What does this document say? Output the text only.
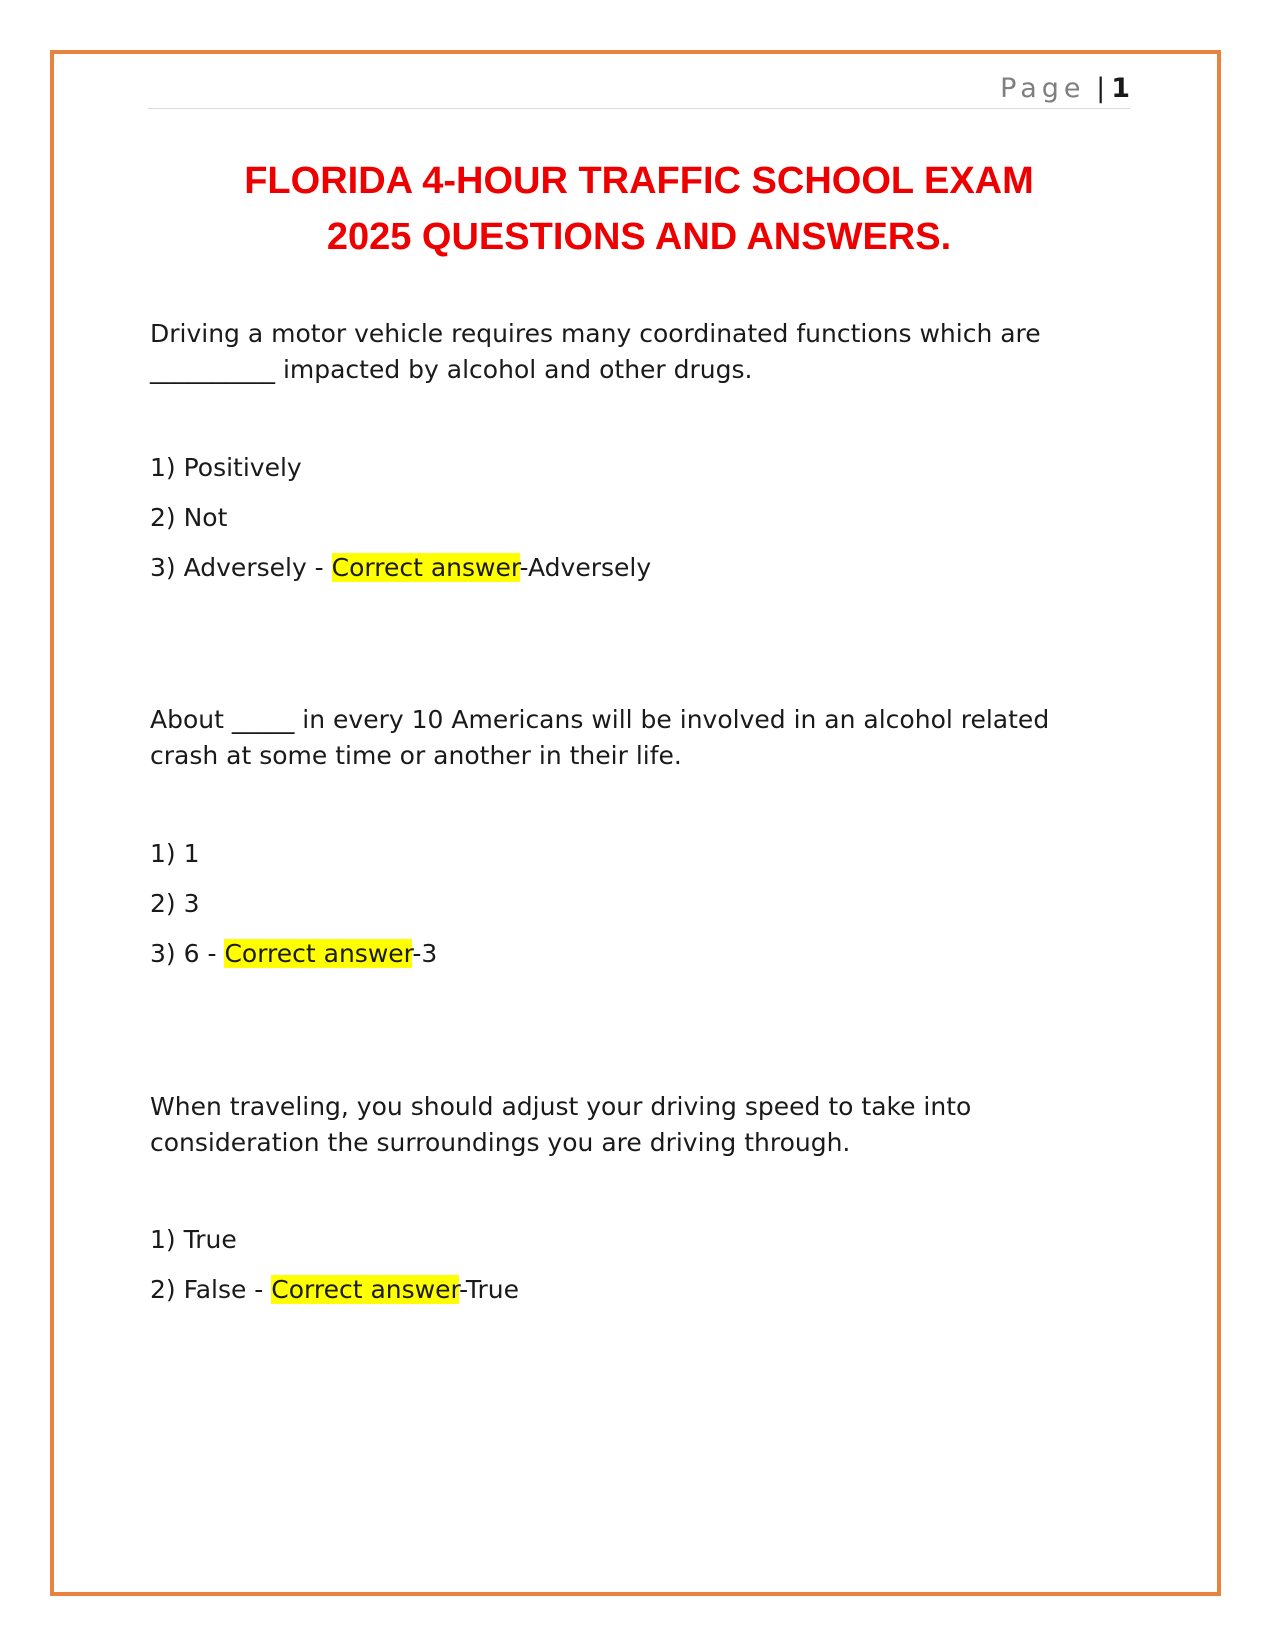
Page | 1
FLORIDA 4-HOUR TRAFFIC SCHOOL EXAM
2025 QUESTIONS AND ANSWERS.
Driving a motor vehicle requires many coordinated functions which are
__________ impacted by alcohol and other drugs.
1) Positively
2) Not
3) Adversely - Correct answer-Adversely
About _____ in every 10 Americans will be involved in an alcohol related
crash at some time or another in their life.
1) 1
2) 3
3) 6 - Correct answer-3
When traveling, you should adjust your driving speed to take into
consideration the surroundings you are driving through.
1) True
2) False - Correct answer-True
